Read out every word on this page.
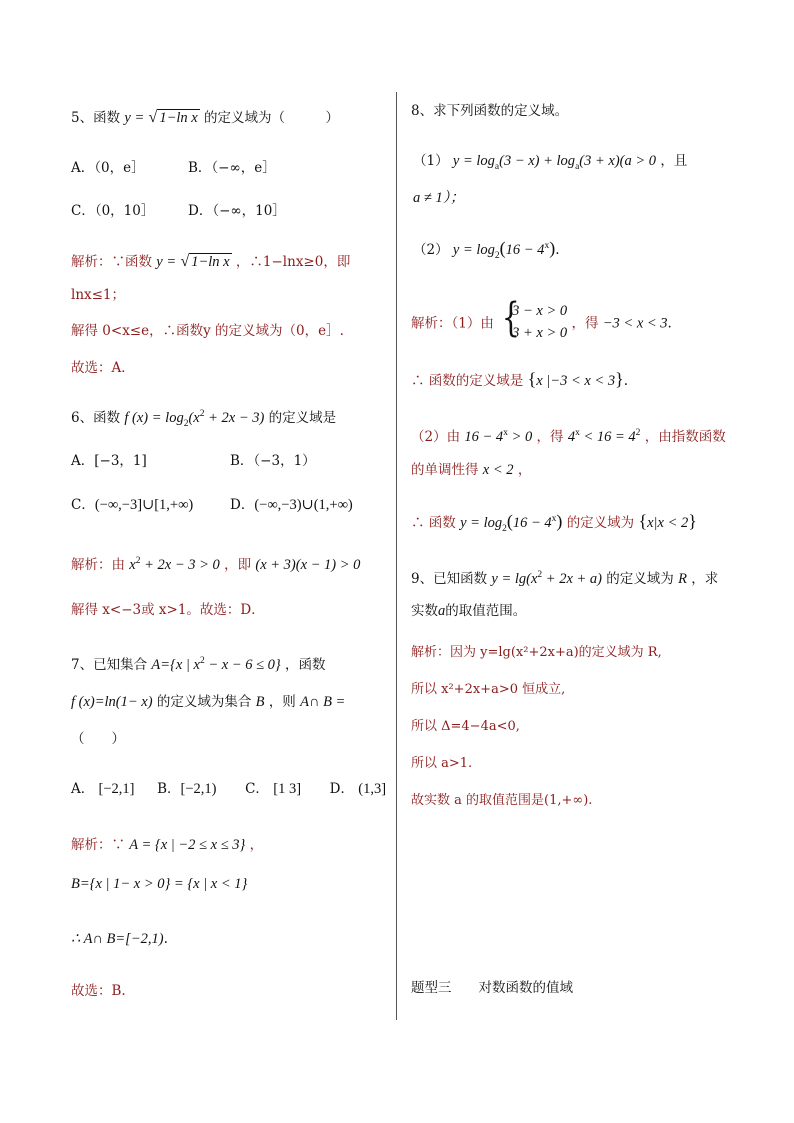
5、函数 y = √ 1−ln x 的定义域为（　　　）
A．（0，e］	B．（−∞，e］
C．（0，10］ D．（−∞，10］
解析：∵函数 y = √ 1−ln x ，∴1−lnx≥0，即
lnx≤1；
解得 0<x≤e，∴函数y 的定义域为（0，e］.
故选：A．
6、函数 f $(x) = \log_2(x^2 + 2x - 3)$ 的定义域是
A．[−3，1]	B．（−3，1）
C．(−∞,−3]∪[1,+∞)	D．(−∞,−3)∪(1,+∞)
解析：由 $x^2 + 2x - 3 > 0$ ，即 (x + 3)(x − 1) > 0
解得 x<−3或 x>1。故选：D．
7、已知集合 A={x | $x^2 - x - 6 \le 0$} ，函数
f (x)=ln(1− x) 的定义域为集合 B ，则 A∩ B =
（　　）
A． [−2,1] B．[−2,1) C． [1 3] D． (1,3]
解析：∵ A = {x | −2 ≤ x ≤ 3} ，
B={x | 1− x > 0} = {x | x < 1}
∴ A∩ B=[−2,1).
故选：B.
8、求下列函数的定义域。
（1） $y = \log_a(3 - x) + \log_a(3 + x)(a > 0$ ，且
a ≠ 1）；
（2） $y = \log_2(16 - 4^x)$.
解析：（1）由 {
3 − x > 0
3 + x > 0
，得 −3 < x < 3.
∴ 函数的定义域是 {x |−3 < x < 3}.
（2）由 $16 - 4^x > 0$ ，得 $4^x < 16 = 4^2$ ，由指数函数
的单调性得 x < 2 ，
∴ 函数 $y = \log_2(16 - 4^x)$ 的定义域为 {x|x < 2}
9、已知函数 $y = \lg(x^2 + 2x + a)$ 的定义域为 R ，求
实数a的取值范围。
解析：因为 y=lg(x²+2x+a)的定义域为 R,
所以 x²+2x+a>0 恒成立,
所以 Δ=4−4a<0,
所以 a>1.
故实数 a 的取值范围是(1,+∞).
题型三　　对数函数的值域
